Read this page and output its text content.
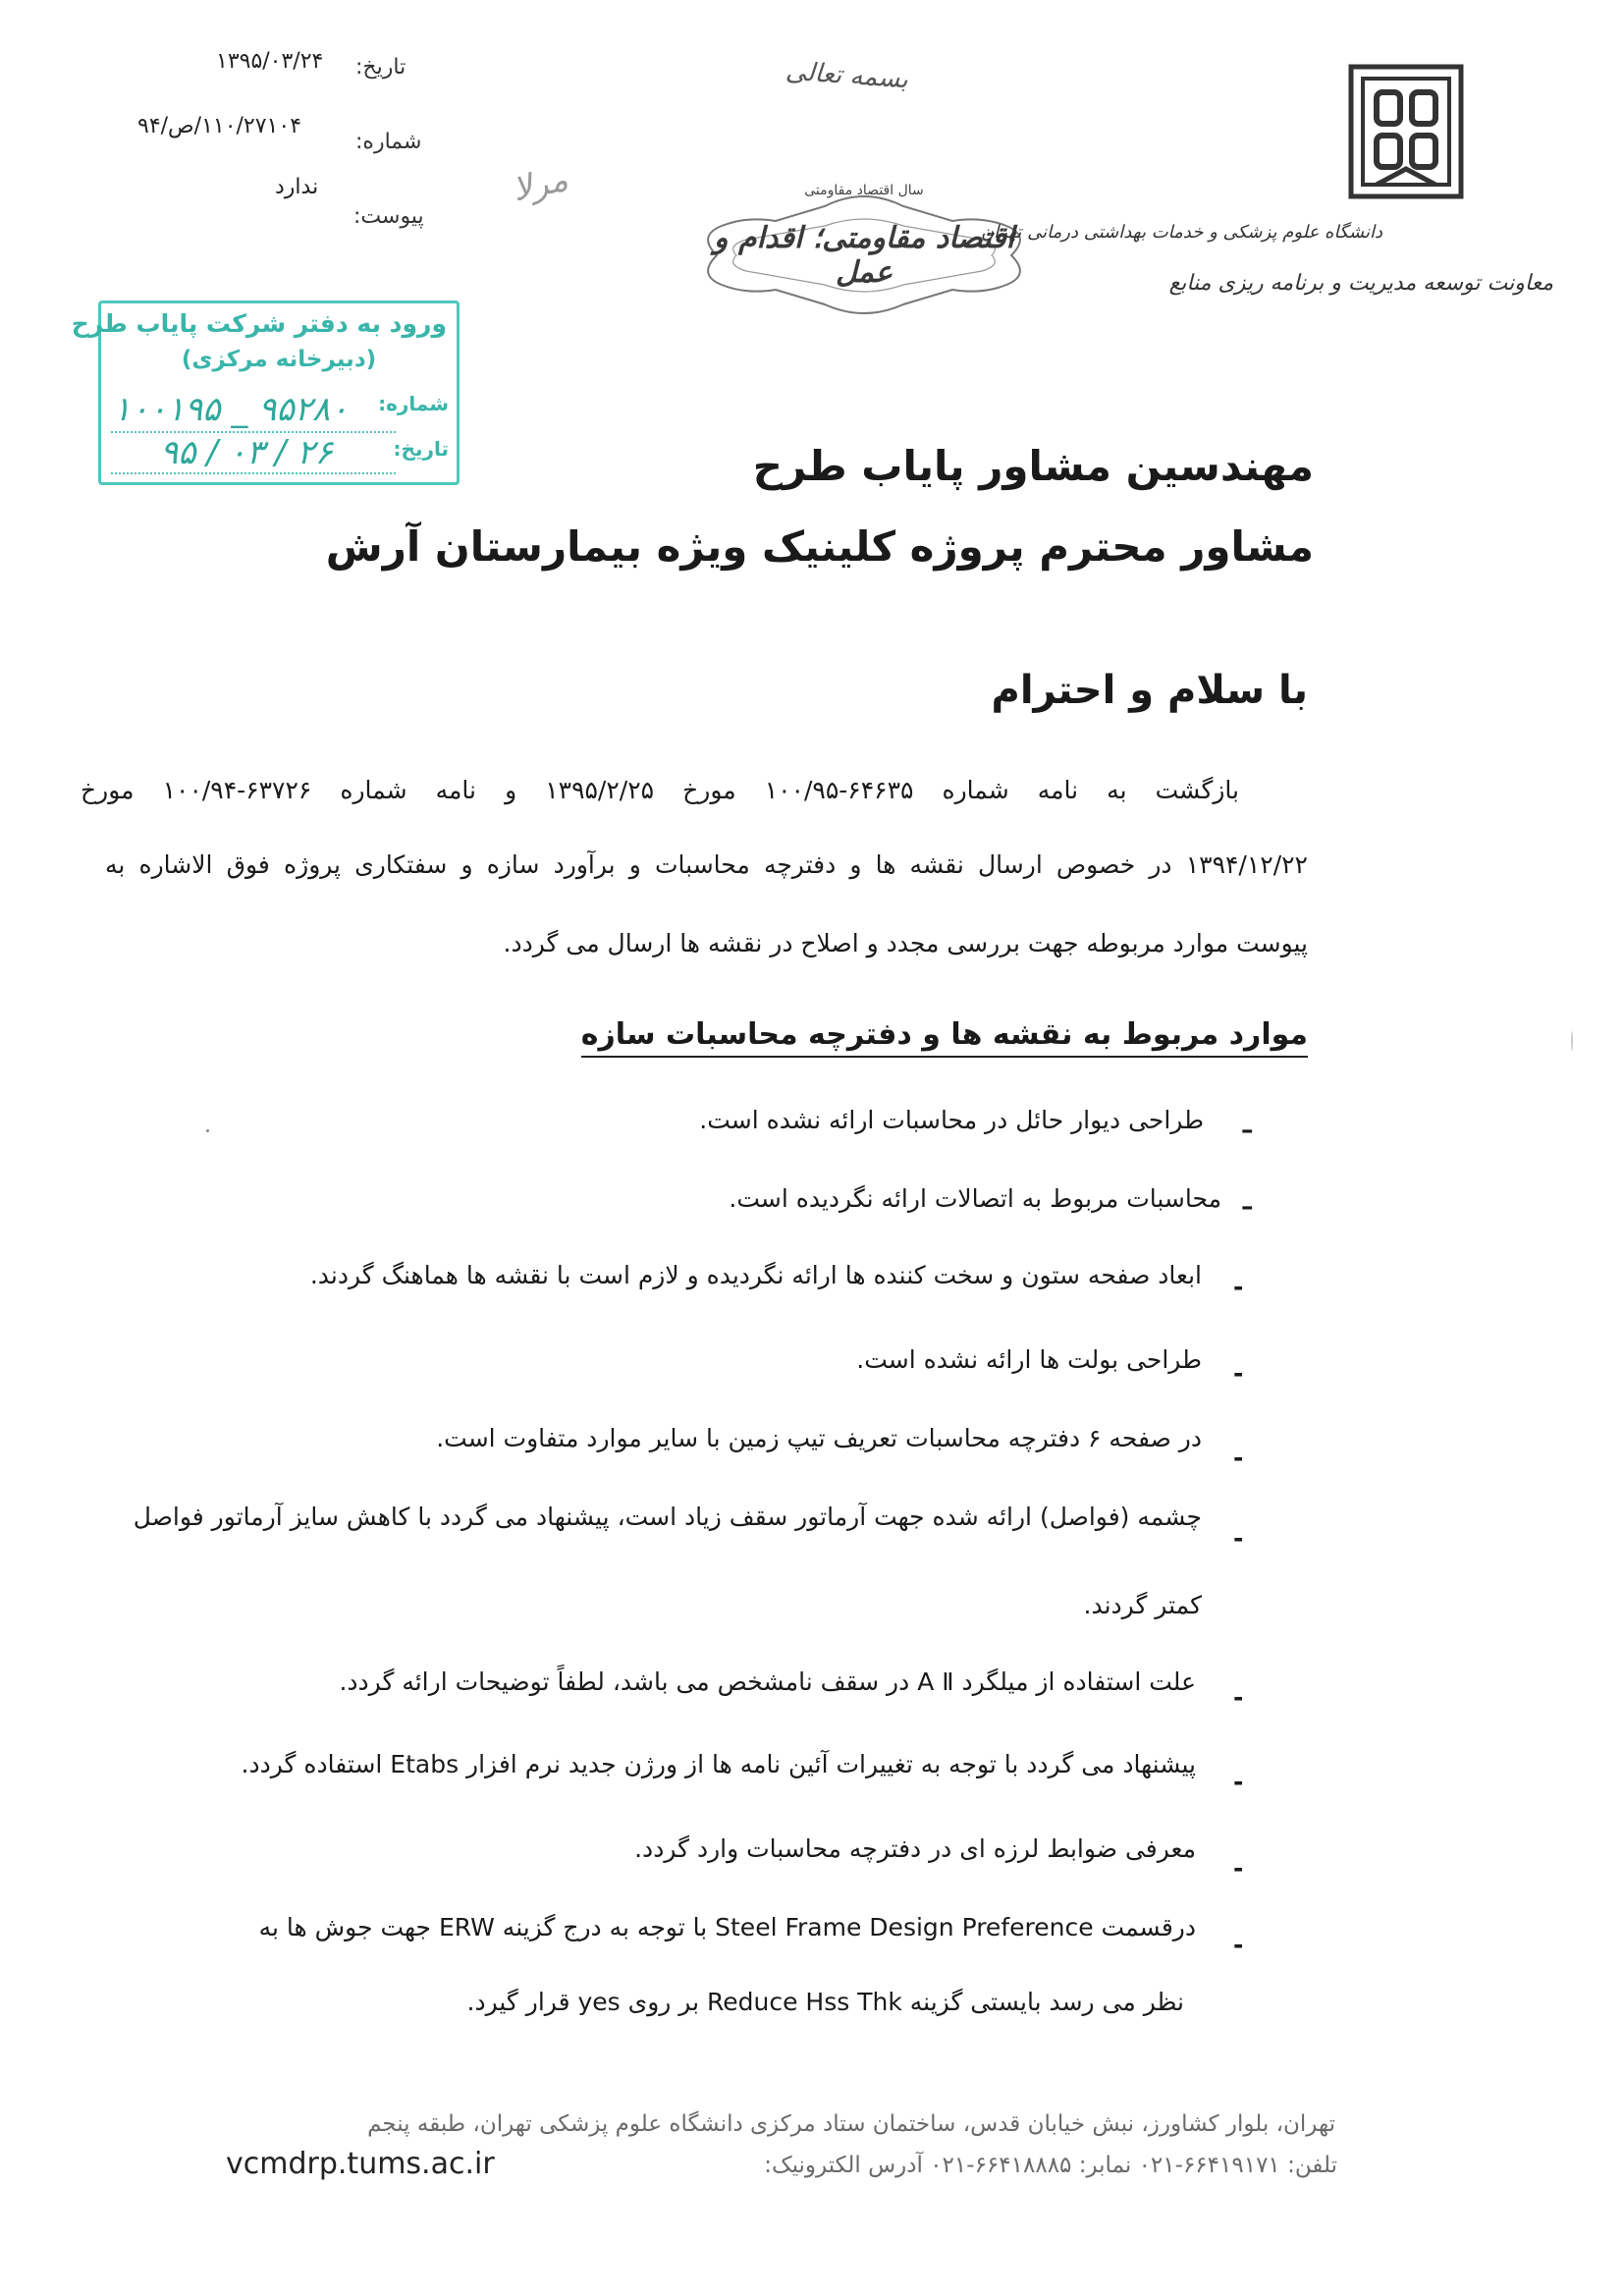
تاریخ:
۱۳۹۵/۰۳/۲۴
شماره:
۱۱۰/۲۷۱۰۴/ص/۹۴
پیوست:
ندارد
بسمه تعالی
مرلا	سال اقتصاد مقاومتی
اقتصاد مقاومتی؛ اقدام و عمل
دانشگاه علوم پزشکی و خدمات بهداشتی درمانی تهران
معاونت توسعه مدیریت و برنامه ریزی منابع
ورود به دفتر شرکت پایاب طرح
(دبیرخانه مرکزی)
شماره:
۱۰۰۱۹۵ _ ۹۵۲۸۰
تاریخ:
۹۵ / ۰۳ / ۲۶	مهندسین مشاور پایاب طرح
مشاور محترم پروژه کلینیک ویژه بیمارستان آرش
با سلام و احترام
بازگشت به نامه شماره ۶۴۶۳۵-۱۰۰/۹۵ مورخ ۱۳۹۵/۲/۲۵ و نامه شماره ۶۳۷۲۶-۱۰۰/۹۴ مورخ
۱۳۹۴/۱۲/۲۲ در خصوص ارسال نقشه ها و دفترچه محاسبات و برآورد سازه و سفتکاری پروژه فوق الاشاره به
پیوست موارد مربوطه جهت بررسی مجدد و اصلاح در نقشه ها ارسال می گردد.
موارد مربوط به نقشه ها و دفترچه محاسبات سازه
–
طراحی دیوار حائل در محاسبات ارائه نشده است.
–
محاسبات مربوط به اتصالات ارائه نگردیده است.
-
ابعاد صفحه ستون و سخت کننده ها ارائه نگردیده و لازم است با نقشه ها هماهنگ گردند.
-
طراحی بولت ها ارائه نشده است.
-
در صفحه ۶ دفترچه محاسبات تعریف تیپ زمین با سایر موارد متفاوت است.
-
چشمه (فواصل) ارائه شده جهت آرماتور سقف زیاد است، پیشنهاد می گردد با کاهش سایز آرماتور فواصل
کمتر گردند.
-
علت استفاده از میلگرد A Ⅱ در سقف نامشخص می باشد، لطفاً توضیحات ارائه گردد.
-
پیشنهاد می گردد با توجه به تغییرات آئین نامه ها از ورژن جدید نرم افزار Etabs استفاده گردد.
-
معرفی ضوابط لرزه ای در دفترچه محاسبات وارد گردد.
-
درقسمت Steel Frame Design Preference با توجه به درج گزینه ERW جهت جوش ها به
نظر می رسد بایستی گزینه Reduce Hss Thk بر روی yes قرار گیرد.
تهران، بلوار کشاورز، نبش خیابان قدس، ساختمان ستاد مرکزی دانشگاه علوم پزشکی تهران، طبقه پنجم
تلفن: ۶۶۴۱۹۱۷۱-۰۲۱ نمابر: ۶۶۴۱۸۸۸۵-۰۲۱ آدرس الکترونیک:
vcmdrp.tums.ac.ir
